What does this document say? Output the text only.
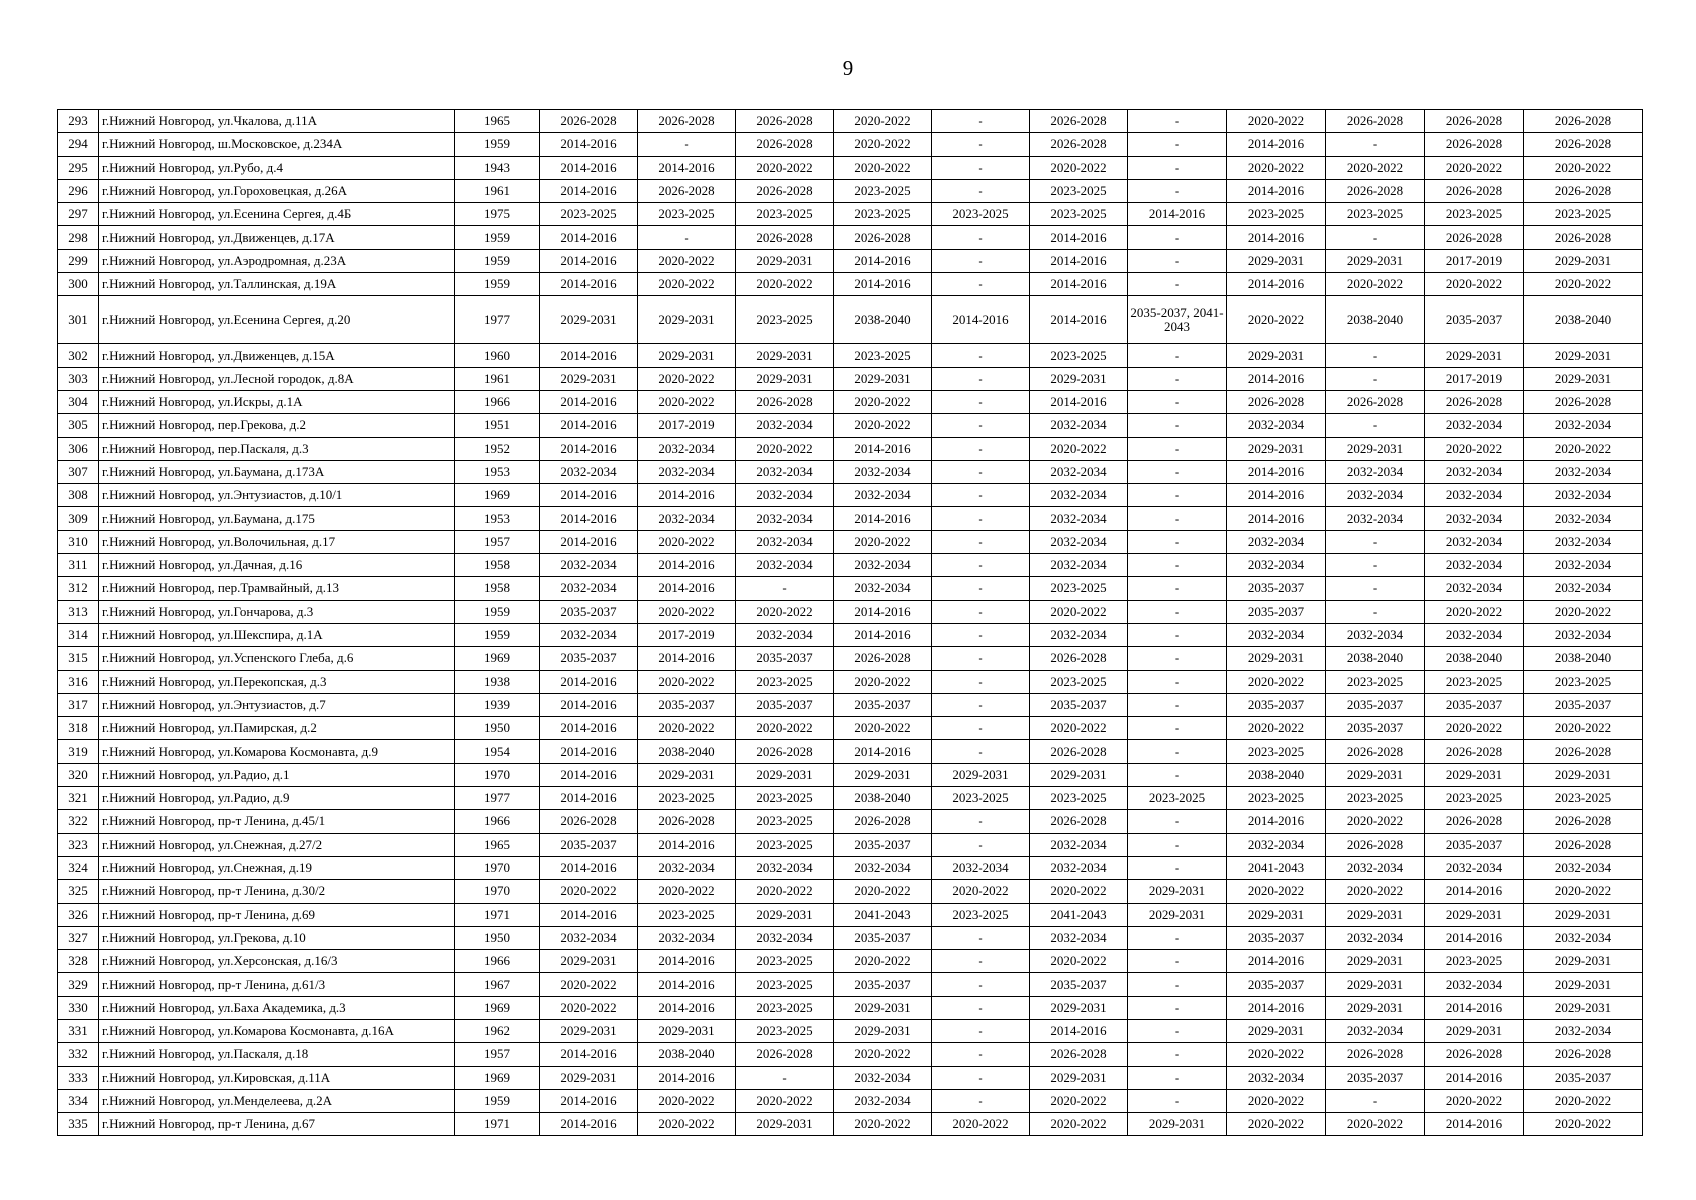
9
293	г.Нижний Новгород, ул.Чкалова, д.11А	1965	2026-2028	2026-2028	2026-2028	2020-2022	-	2026-2028	-	2020-2022	2026-2028	2026-2028	2026-2028
294	г.Нижний Новгород, ш.Московское, д.234А	1959	2014-2016	-	2026-2028	2020-2022	-	2026-2028	-	2014-2016	-	2026-2028	2026-2028
295	г.Нижний Новгород, ул.Рубо, д.4	1943	2014-2016	2014-2016	2020-2022	2020-2022	-	2020-2022	-	2020-2022	2020-2022	2020-2022	2020-2022
296	г.Нижний Новгород, ул.Гороховецкая, д.26А	1961	2014-2016	2026-2028	2026-2028	2023-2025	-	2023-2025	-	2014-2016	2026-2028	2026-2028	2026-2028
297	г.Нижний Новгород, ул.Есенина Сергея, д.4Б	1975	2023-2025	2023-2025	2023-2025	2023-2025	2023-2025	2023-2025	2014-2016	2023-2025	2023-2025	2023-2025	2023-2025
298	г.Нижний Новгород, ул.Движенцев, д.17А	1959	2014-2016	-	2026-2028	2026-2028	-	2014-2016	-	2014-2016	-	2026-2028	2026-2028
299	г.Нижний Новгород, ул.Аэродромная, д.23А	1959	2014-2016	2020-2022	2029-2031	2014-2016	-	2014-2016	-	2029-2031	2029-2031	2017-2019	2029-2031
300	г.Нижний Новгород, ул.Таллинская, д.19А	1959	2014-2016	2020-2022	2020-2022	2014-2016	-	2014-2016	-	2014-2016	2020-2022	2020-2022	2020-2022
301	г.Нижний Новгород, ул.Есенина Сергея, д.20	1977	2029-2031	2029-2031	2023-2025	2038-2040	2014-2016	2014-2016	2035-2037, 2041-2043	2020-2022	2038-2040	2035-2037	2038-2040
302	г.Нижний Новгород, ул.Движенцев, д.15А	1960	2014-2016	2029-2031	2029-2031	2023-2025	-	2023-2025	-	2029-2031	-	2029-2031	2029-2031
303	г.Нижний Новгород, ул.Лесной городок, д.8А	1961	2029-2031	2020-2022	2029-2031	2029-2031	-	2029-2031	-	2014-2016	-	2017-2019	2029-2031
304	г.Нижний Новгород, ул.Искры, д.1А	1966	2014-2016	2020-2022	2026-2028	2020-2022	-	2014-2016	-	2026-2028	2026-2028	2026-2028	2026-2028
305	г.Нижний Новгород, пер.Грекова, д.2	1951	2014-2016	2017-2019	2032-2034	2020-2022	-	2032-2034	-	2032-2034	-	2032-2034	2032-2034
306	г.Нижний Новгород, пер.Паскаля, д.3	1952	2014-2016	2032-2034	2020-2022	2014-2016	-	2020-2022	-	2029-2031	2029-2031	2020-2022	2020-2022
307	г.Нижний Новгород, ул.Баумана, д.173А	1953	2032-2034	2032-2034	2032-2034	2032-2034	-	2032-2034	-	2014-2016	2032-2034	2032-2034	2032-2034
308	г.Нижний Новгород, ул.Энтузиастов, д.10/1	1969	2014-2016	2014-2016	2032-2034	2032-2034	-	2032-2034	-	2014-2016	2032-2034	2032-2034	2032-2034
309	г.Нижний Новгород, ул.Баумана, д.175	1953	2014-2016	2032-2034	2032-2034	2014-2016	-	2032-2034	-	2014-2016	2032-2034	2032-2034	2032-2034
310	г.Нижний Новгород, ул.Волочильная, д.17	1957	2014-2016	2020-2022	2032-2034	2020-2022	-	2032-2034	-	2032-2034	-	2032-2034	2032-2034
311	г.Нижний Новгород, ул.Дачная, д.16	1958	2032-2034	2014-2016	2032-2034	2032-2034	-	2032-2034	-	2032-2034	-	2032-2034	2032-2034
312	г.Нижний Новгород, пер.Трамвайный, д.13	1958	2032-2034	2014-2016	-	2032-2034	-	2023-2025	-	2035-2037	-	2032-2034	2032-2034
313	г.Нижний Новгород, ул.Гончарова, д.3	1959	2035-2037	2020-2022	2020-2022	2014-2016	-	2020-2022	-	2035-2037	-	2020-2022	2020-2022
314	г.Нижний Новгород, ул.Шекспира, д.1А	1959	2032-2034	2017-2019	2032-2034	2014-2016	-	2032-2034	-	2032-2034	2032-2034	2032-2034	2032-2034
315	г.Нижний Новгород, ул.Успенского Глеба, д.6	1969	2035-2037	2014-2016	2035-2037	2026-2028	-	2026-2028	-	2029-2031	2038-2040	2038-2040	2038-2040
316	г.Нижний Новгород, ул.Перекопская, д.3	1938	2014-2016	2020-2022	2023-2025	2020-2022	-	2023-2025	-	2020-2022	2023-2025	2023-2025	2023-2025
317	г.Нижний Новгород, ул.Энтузиастов, д.7	1939	2014-2016	2035-2037	2035-2037	2035-2037	-	2035-2037	-	2035-2037	2035-2037	2035-2037	2035-2037
318	г.Нижний Новгород, ул.Памирская, д.2	1950	2014-2016	2020-2022	2020-2022	2020-2022	-	2020-2022	-	2020-2022	2035-2037	2020-2022	2020-2022
319	г.Нижний Новгород, ул.Комарова Космонавта, д.9	1954	2014-2016	2038-2040	2026-2028	2014-2016	-	2026-2028	-	2023-2025	2026-2028	2026-2028	2026-2028
320	г.Нижний Новгород, ул.Радио, д.1	1970	2014-2016	2029-2031	2029-2031	2029-2031	2029-2031	2029-2031	-	2038-2040	2029-2031	2029-2031	2029-2031
321	г.Нижний Новгород, ул.Радио, д.9	1977	2014-2016	2023-2025	2023-2025	2038-2040	2023-2025	2023-2025	2023-2025	2023-2025	2023-2025	2023-2025	2023-2025
322	г.Нижний Новгород, пр-т Ленина, д.45/1	1966	2026-2028	2026-2028	2023-2025	2026-2028	-	2026-2028	-	2014-2016	2020-2022	2026-2028	2026-2028
323	г.Нижний Новгород, ул.Снежная, д.27/2	1965	2035-2037	2014-2016	2023-2025	2035-2037	-	2032-2034	-	2032-2034	2026-2028	2035-2037	2026-2028
324	г.Нижний Новгород, ул.Снежная, д.19	1970	2014-2016	2032-2034	2032-2034	2032-2034	2032-2034	2032-2034	-	2041-2043	2032-2034	2032-2034	2032-2034
325	г.Нижний Новгород, пр-т Ленина, д.30/2	1970	2020-2022	2020-2022	2020-2022	2020-2022	2020-2022	2020-2022	2029-2031	2020-2022	2020-2022	2014-2016	2020-2022
326	г.Нижний Новгород, пр-т Ленина, д.69	1971	2014-2016	2023-2025	2029-2031	2041-2043	2023-2025	2041-2043	2029-2031	2029-2031	2029-2031	2029-2031	2029-2031
327	г.Нижний Новгород, ул.Грекова, д.10	1950	2032-2034	2032-2034	2032-2034	2035-2037	-	2032-2034	-	2035-2037	2032-2034	2014-2016	2032-2034
328	г.Нижний Новгород, ул.Херсонская, д.16/3	1966	2029-2031	2014-2016	2023-2025	2020-2022	-	2020-2022	-	2014-2016	2029-2031	2023-2025	2029-2031
329	г.Нижний Новгород, пр-т Ленина, д.61/3	1967	2020-2022	2014-2016	2023-2025	2035-2037	-	2035-2037	-	2035-2037	2029-2031	2032-2034	2029-2031
330	г.Нижний Новгород, ул.Баха Академика, д.3	1969	2020-2022	2014-2016	2023-2025	2029-2031	-	2029-2031	-	2014-2016	2029-2031	2014-2016	2029-2031
331	г.Нижний Новгород, ул.Комарова Космонавта, д.16А	1962	2029-2031	2029-2031	2023-2025	2029-2031	-	2014-2016	-	2029-2031	2032-2034	2029-2031	2032-2034
332	г.Нижний Новгород, ул.Паскаля, д.18	1957	2014-2016	2038-2040	2026-2028	2020-2022	-	2026-2028	-	2020-2022	2026-2028	2026-2028	2026-2028
333	г.Нижний Новгород, ул.Кировская, д.11А	1969	2029-2031	2014-2016	-	2032-2034	-	2029-2031	-	2032-2034	2035-2037	2014-2016	2035-2037
334	г.Нижний Новгород, ул.Менделеева, д.2А	1959	2014-2016	2020-2022	2020-2022	2032-2034	-	2020-2022	-	2020-2022	-	2020-2022	2020-2022
335	г.Нижний Новгород, пр-т Ленина, д.67	1971	2014-2016	2020-2022	2029-2031	2020-2022	2020-2022	2020-2022	2029-2031	2020-2022	2020-2022	2014-2016	2020-2022
